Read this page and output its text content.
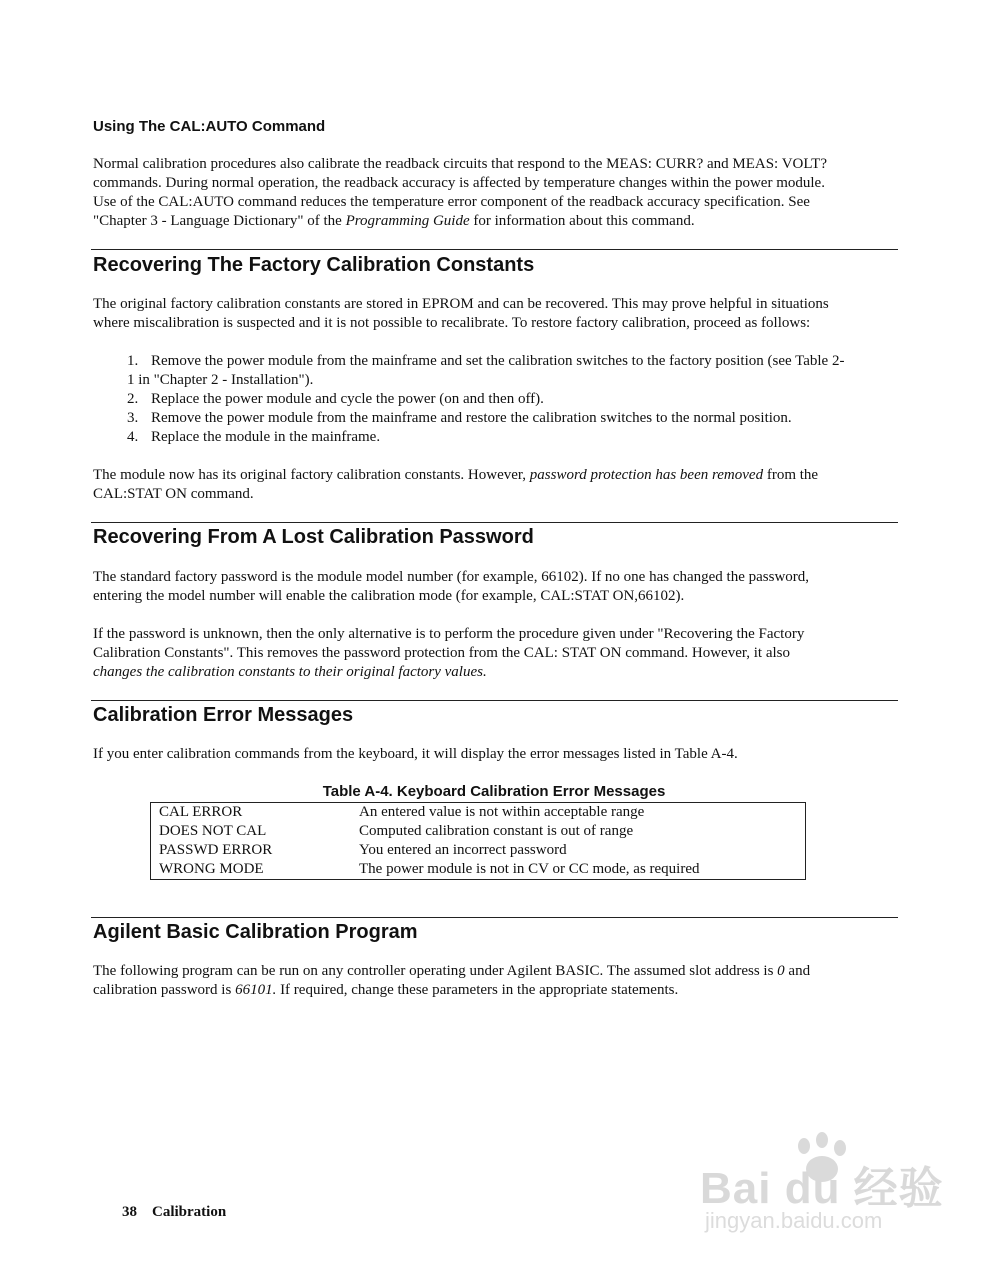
Using The CAL:AUTO Command

Normal calibration procedures also calibrate the readback circuits that respond to the MEAS: CURR? and MEAS: VOLT?

commands. During normal operation, the readback accuracy is affected by temperature changes within the power module.

Use of the CAL:AUTO command reduces the temperature error component of the readback accuracy specification. See

"Chapter 3 - Language Dictionary" of the Programming Guide for information about this command.

Recovering The Factory Calibration Constants

The original factory calibration constants are stored in EPROM and can be recovered. This may prove helpful in situations

where miscalibration is suspected and it is not possible to recalibrate. To restore factory calibration, proceed as follows:

1. Remove the power module from the mainframe and set the calibration switches to the factory position (see Table 2-
1 in "Chapter 2 - Installation").
2. Replace the power module and cycle the power (on and then off).
3. Remove the power module from the mainframe and restore the calibration switches to the normal position.
4. Replace the module in the mainframe.

The module now has its original factory calibration constants. However, password protection has been removed from the

CAL:STAT ON command.

Recovering From A Lost Calibration Password

The standard factory password is the module model number (for example, 66102). If no one has changed the password,

entering the model number will enable the calibration mode (for example, CAL:STAT ON,66102).

If the password is unknown, then the only alternative is to perform the procedure given under "Recovering the Factory

Calibration Constants". This removes the password protection from the CAL: STAT ON command. However, it also

changes the calibration constants to their original factory values.

Calibration Error Messages

If you enter calibration commands from the keyboard, it will display the error messages listed in Table A-4.

Table A-4. Keyboard Calibration Error Messages
CAL ERROR	An entered value is not within acceptable range
DOES NOT CAL	Computed calibration constant is out of range
PASSWD ERROR	You entered an incorrect password
WRONG MODE	The power module is not in CV or CC mode, as required
Agilent Basic Calibration Program

The following program can be run on any controller operating under Agilent BASIC. The assumed slot address is 0 and

calibration password is 66101. If required, change these parameters in the appropriate statements.

38 Calibration	Bai du 经验
jingyan.baidu.com
